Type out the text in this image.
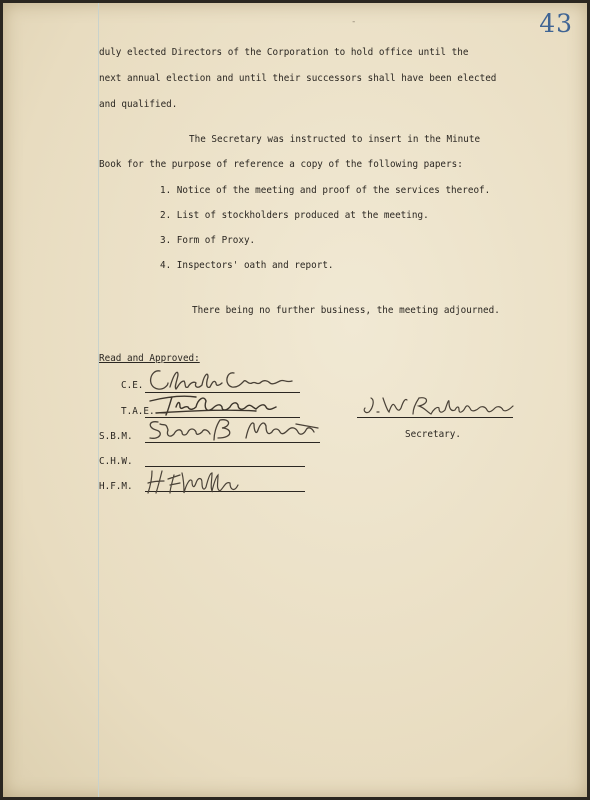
43
-
duly elected Directors of the Corporation to hold office until the
next annual election and until their successors shall have been elected
and qualified.
The Secretary was instructed to insert in the Minute
Book for the purpose of reference a copy of the following papers:
1. Notice of the meeting and proof of the services thereof.
2. List of stockholders produced at the meeting.
3. Form of Proxy.
4. Inspectors' oath and report.
There being no further business, the meeting adjourned.
Read and Approved:
C.E.
T.A.E.
S.B.M.
C.H.W.
H.F.M.
Secretary.
